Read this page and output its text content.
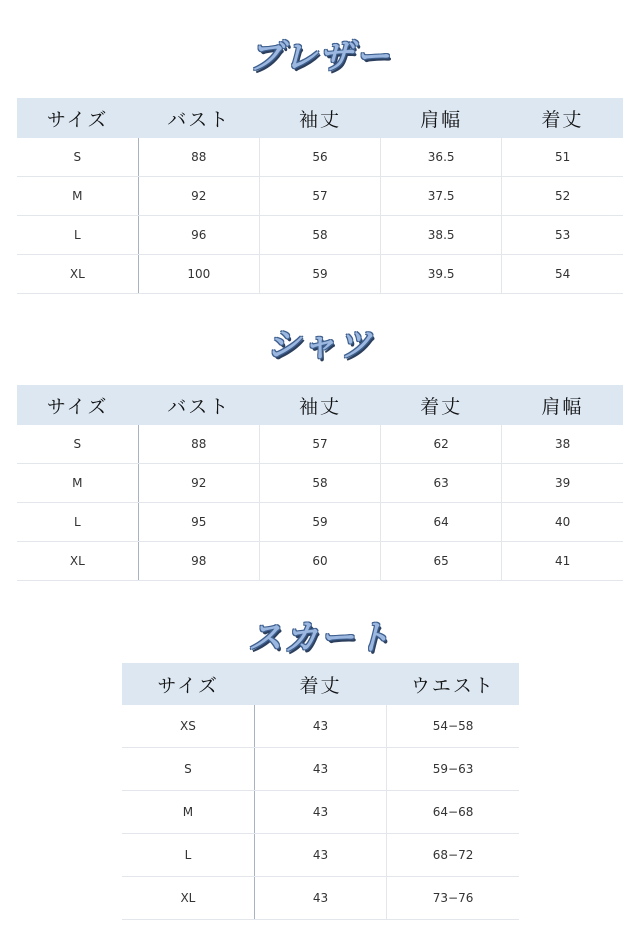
ブレザー
サイズ	バスト	袖丈	肩幅	着丈
S	88	56	36.5	51
M	92	57	37.5	52
L	96	58	38.5	53
XL	100	59	39.5	54
シャツ
サイズ	バスト	袖丈	着丈	肩幅
S	88	57	62	38
M	92	58	63	39
L	95	59	64	40
XL	98	60	65	41
スカート
サイズ	着丈	ウエスト
XS	43	54−58
S	43	59−63
M	43	64−68
L	43	68−72
XL	43	73−76
